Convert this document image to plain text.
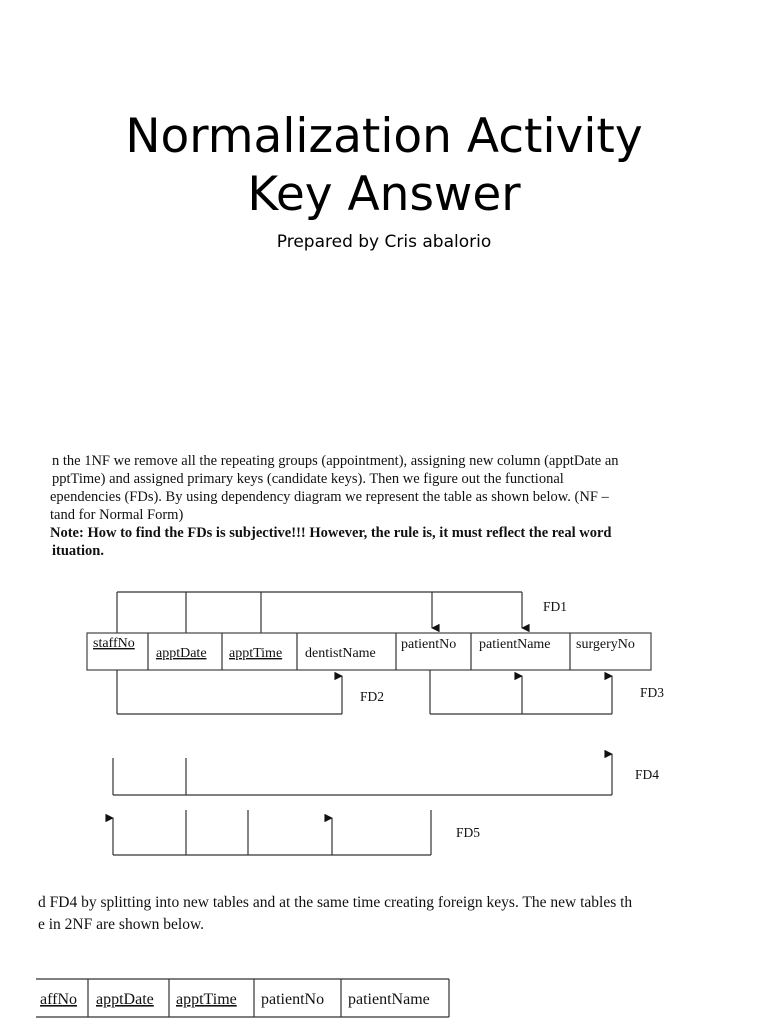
Normalization Activity
Key Answer
Prepared by Cris abalorio
n the 1NF we remove all the repeating groups (appointment), assigning new column (apptDate an
pptTime) and assigned primary keys (candidate keys). Then we figure out the functional
ependencies (FDs). By using dependency diagram we represent the table as shown below. (NF –
tand for Normal Form)
Note: How to find the FDs is subjective!!! However, the rule is, it must reflect the real word
ituation.
staffNo
apptDate apptTime dentistName
patientNo patientName surgeryNo
FD1
FD2	FD3
FD4
FD5
d FD4 by splitting into new tables and at the same time creating foreign keys. The new tables th
e in 2NF are shown below.
affNo apptDate apptTime patientNo patientName
